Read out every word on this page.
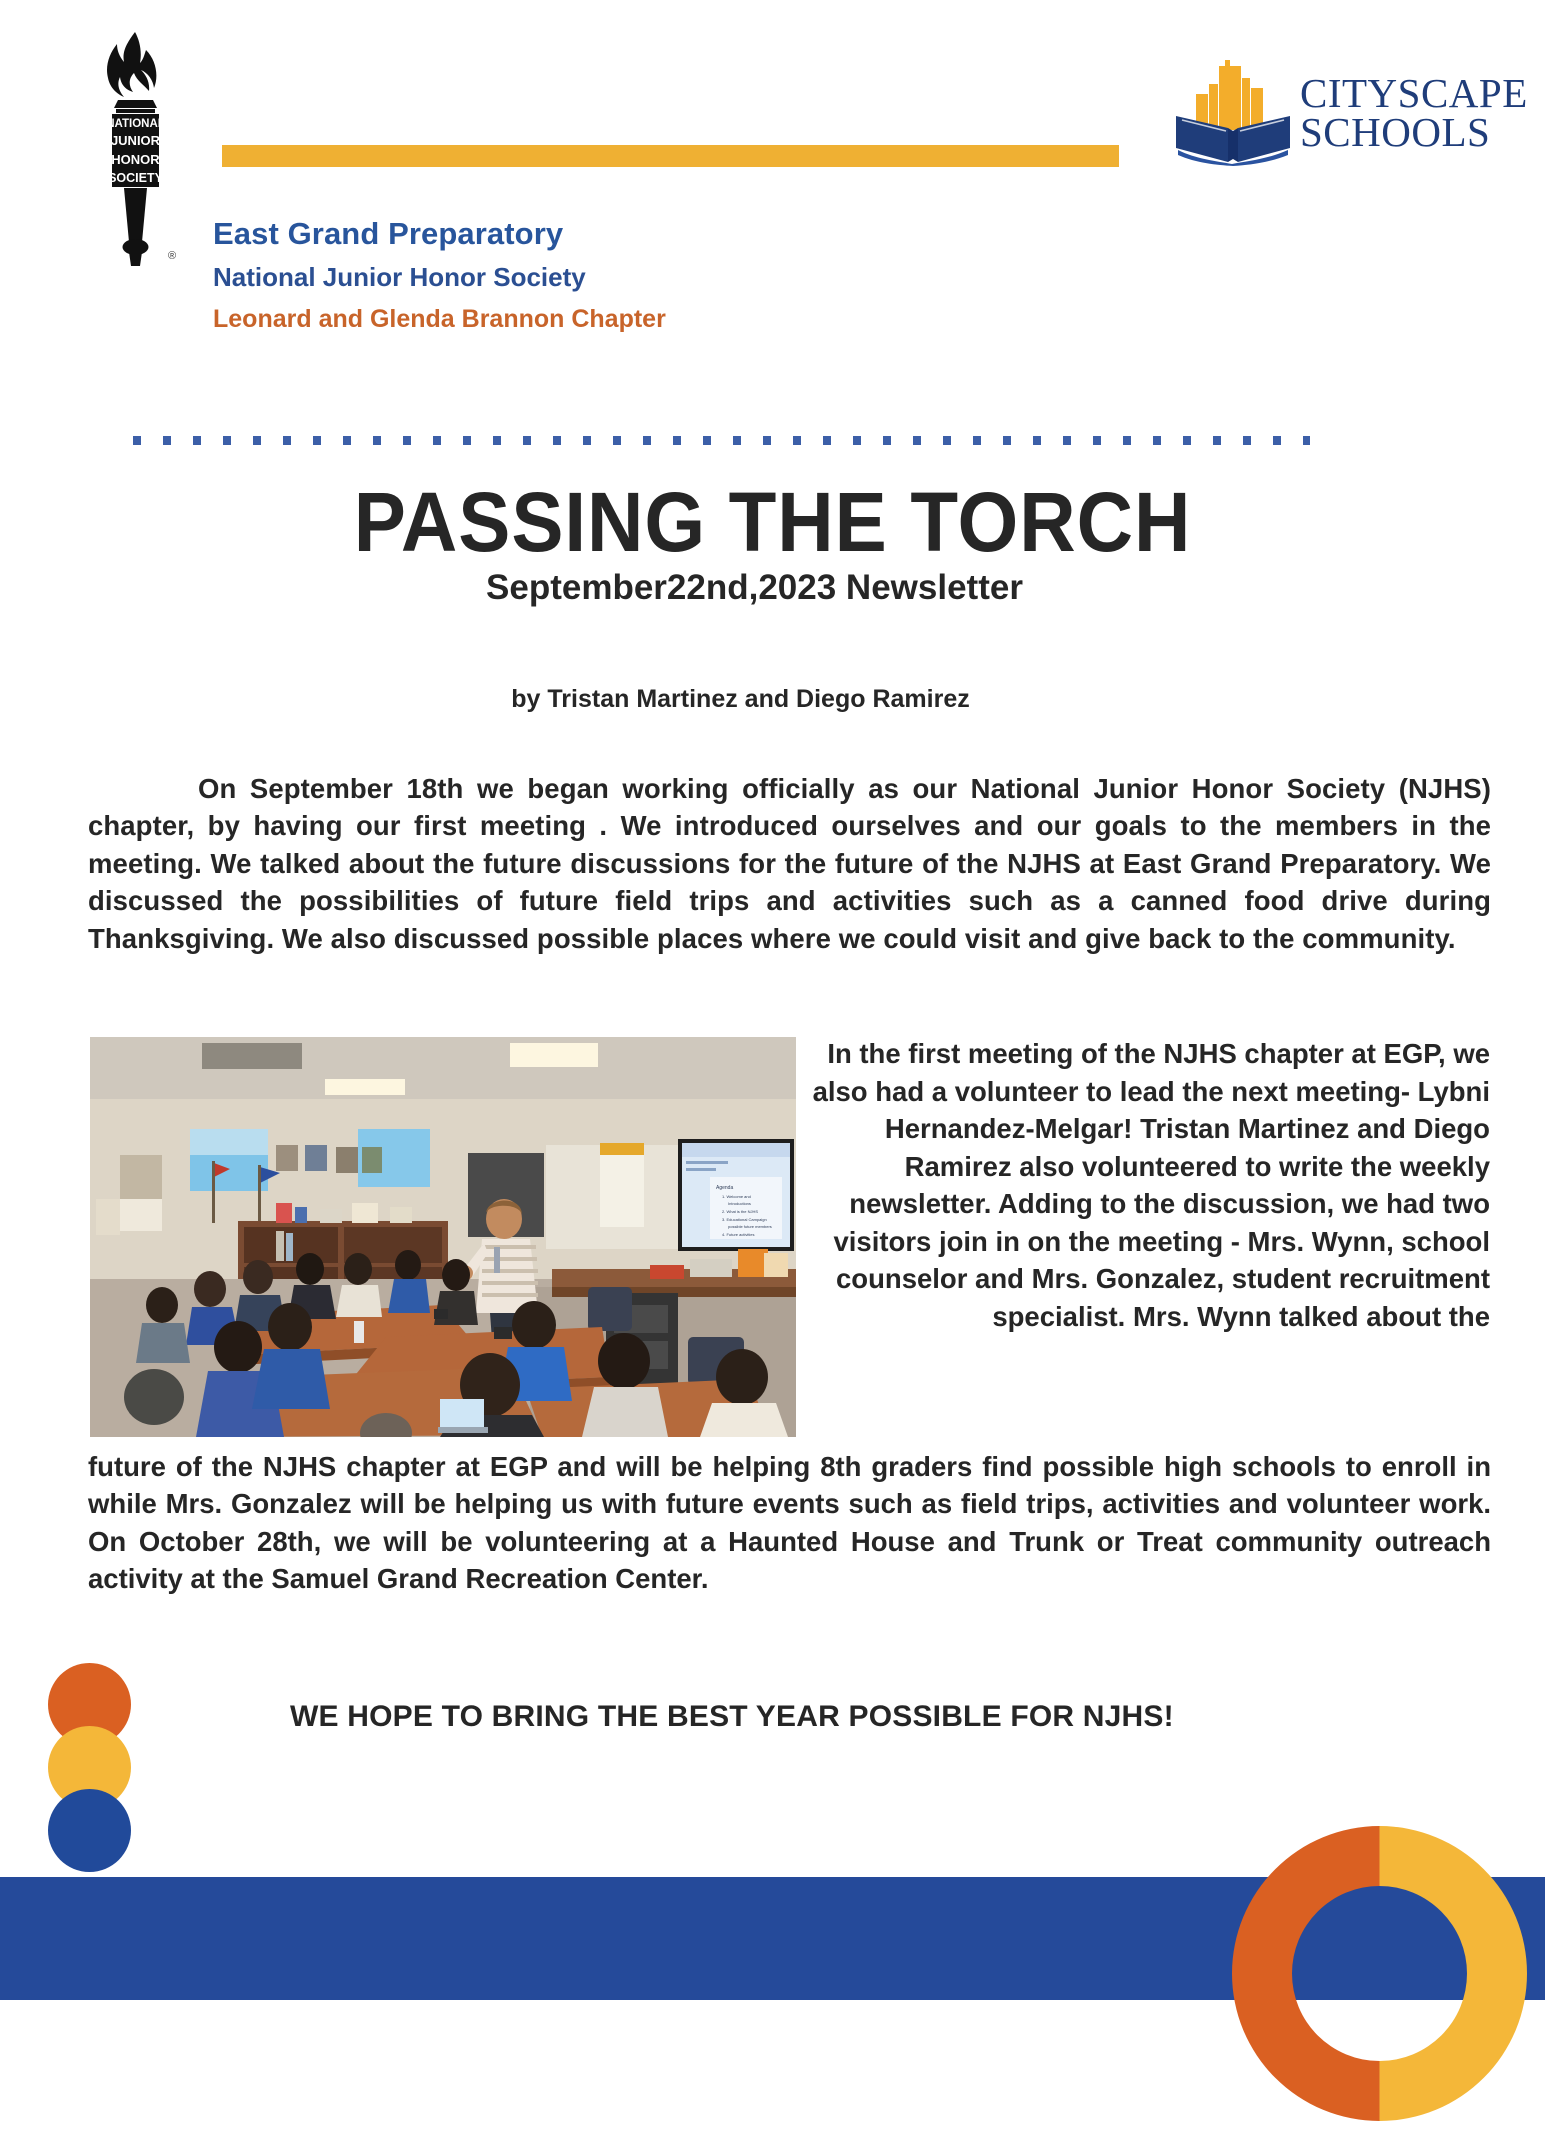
NATIONAL
JUNIOR
HONOR
SOCIETY
®
East Grand Preparatory
National Junior Honor Society
Leonard and Glenda Brannon Chapter
CITYSCAPE
SCHOOLS
PASSING THE TORCH
September22nd,2023 Newsletter
by Tristan Martinez and Diego Ramirez
On September 18th we began working officially as our National Junior Honor Society (NJHS) chapter, by having our first meeting . We introduced ourselves and our goals to the members in the meeting. We talked about the future discussions for the future of the NJHS at East Grand Preparatory. We discussed the possibilities of future field trips and activities such as a canned food drive during Thanksgiving. We also discussed possible places where we could visit and give back to the community.
Agenda
1. Welcome and
Introductions
2. What is the NJHS
3. Educational Campaign
possible future members
4. Future activities
In the first meeting of the NJHS chapter at EGP, we also had a volunteer to lead the next meeting- Lybni Hernandez-Melgar! Tristan Martinez and Diego Ramirez also volunteered to write the weekly newsletter. Adding to the discussion, we had two visitors join in on the meeting - Mrs. Wynn, school counselor and Mrs. Gonzalez, student recruitment specialist. Mrs. Wynn talked about the
future of the NJHS chapter at EGP and will be helping 8th graders find possible high schools to enroll in while Mrs. Gonzalez will be helping us with future events such as field trips, activities and volunteer work. On October 28th, we will be volunteering at a Haunted House and Trunk or Treat community outreach activity at the Samuel Grand Recreation Center.
WE HOPE TO BRING THE BEST YEAR POSSIBLE FOR NJHS!
